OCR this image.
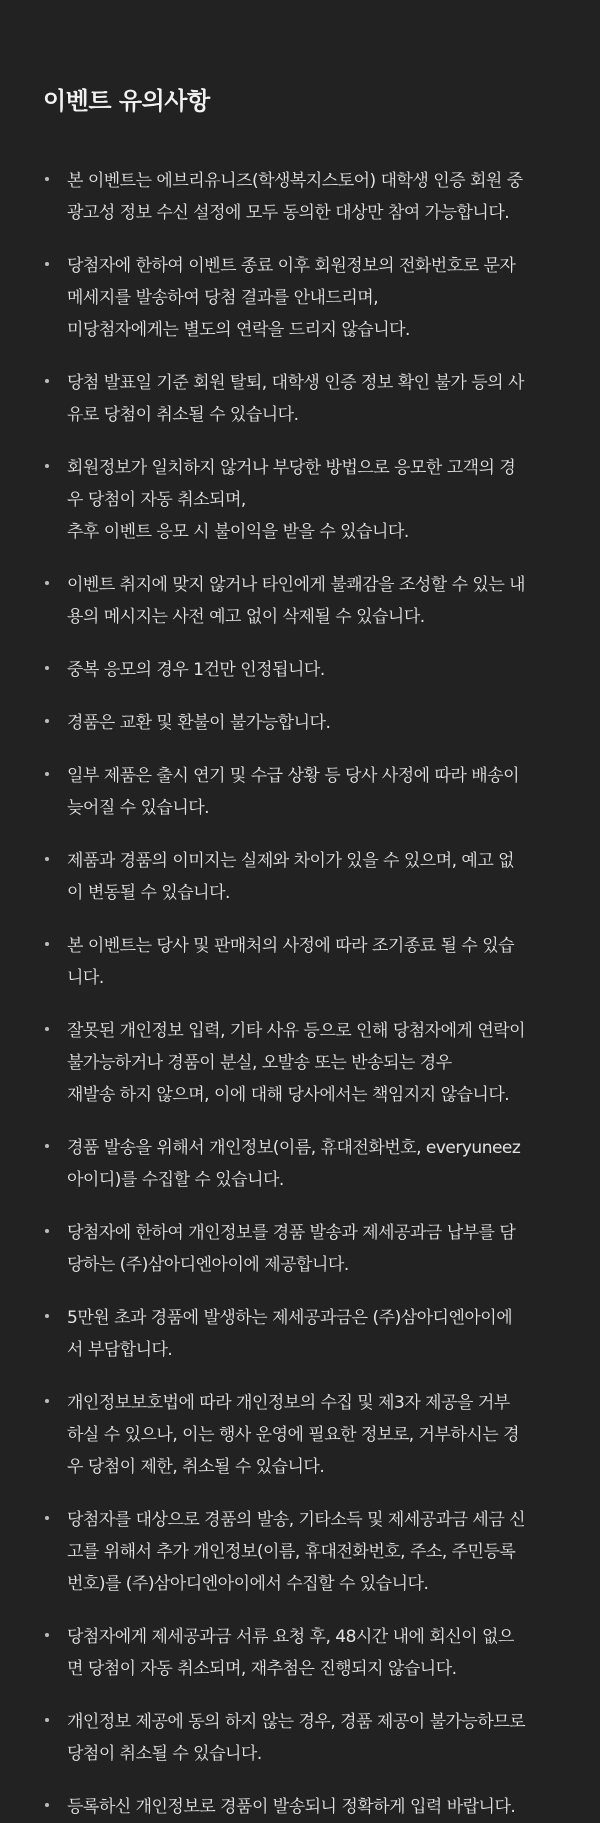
이벤트 유의사항
본 이벤트는 에브리유니즈(학생복지스토어) 대학생 인증 회원 중
광고성 정보 수신 설정에 모두 동의한 대상만 참여 가능합니다.
당첨자에 한하여 이벤트 종료 이후 회원정보의 전화번호로 문자
메세지를 발송하여 당첨 결과를 안내드리며,
미당첨자에게는 별도의 연락을 드리지 않습니다.
당첨 발표일 기준 회원 탈퇴, 대학생 인증 정보 확인 불가 등의 사
유로 당첨이 취소될 수 있습니다.
회원정보가 일치하지 않거나 부당한 방법으로 응모한 고객의 경
우 당첨이 자동 취소되며,
추후 이벤트 응모 시 불이익을 받을 수 있습니다.
이벤트 취지에 맞지 않거나 타인에게 불쾌감을 조성할 수 있는 내
용의 메시지는 사전 예고 없이 삭제될 수 있습니다.
중복 응모의 경우 1건만 인정됩니다.
경품은 교환 및 환불이 불가능합니다.
일부 제품은 출시 연기 및 수급 상황 등 당사 사정에 따라 배송이
늦어질 수 있습니다.
제품과 경품의 이미지는 실제와 차이가 있을 수 있으며, 예고 없
이 변동될 수 있습니다.
본 이벤트는 당사 및 판매처의 사정에 따라 조기종료 될 수 있습
니다.
잘못된 개인정보 입력, 기타 사유 등으로 인해 당첨자에게 연락이
불가능하거나 경품이 분실, 오발송 또는 반송되는 경우
재발송 하지 않으며, 이에 대해 당사에서는 책임지지 않습니다.
경품 발송을 위해서 개인정보(이름, 휴대전화번호, everyuneez
아이디)를 수집할 수 있습니다.
당첨자에 한하여 개인정보를 경품 발송과 제세공과금 납부를 담
당하는 (주)삼아디엔아이에 제공합니다.
5만원 초과 경품에 발생하는 제세공과금은 (주)삼아디엔아이에
서 부담합니다.
개인정보보호법에 따라 개인정보의 수집 및 제3자 제공을 거부
하실 수 있으나, 이는 행사 운영에 필요한 정보로, 거부하시는 경
우 당첨이 제한, 취소될 수 있습니다.
당첨자를 대상으로 경품의 발송, 기타소득 및 제세공과금 세금 신
고를 위해서 추가 개인정보(이름, 휴대전화번호, 주소, 주민등록
번호)를 (주)삼아디엔아이에서 수집할 수 있습니다.
당첨자에게 제세공과금 서류 요청 후, 48시간 내에 회신이 없으
면 당첨이 자동 취소되며, 재추첨은 진행되지 않습니다.
개인정보 제공에 동의 하지 않는 경우, 경품 제공이 불가능하므로
당첨이 취소될 수 있습니다.
등록하신 개인정보로 경품이 발송되니 정확하게 입력 바랍니다.
